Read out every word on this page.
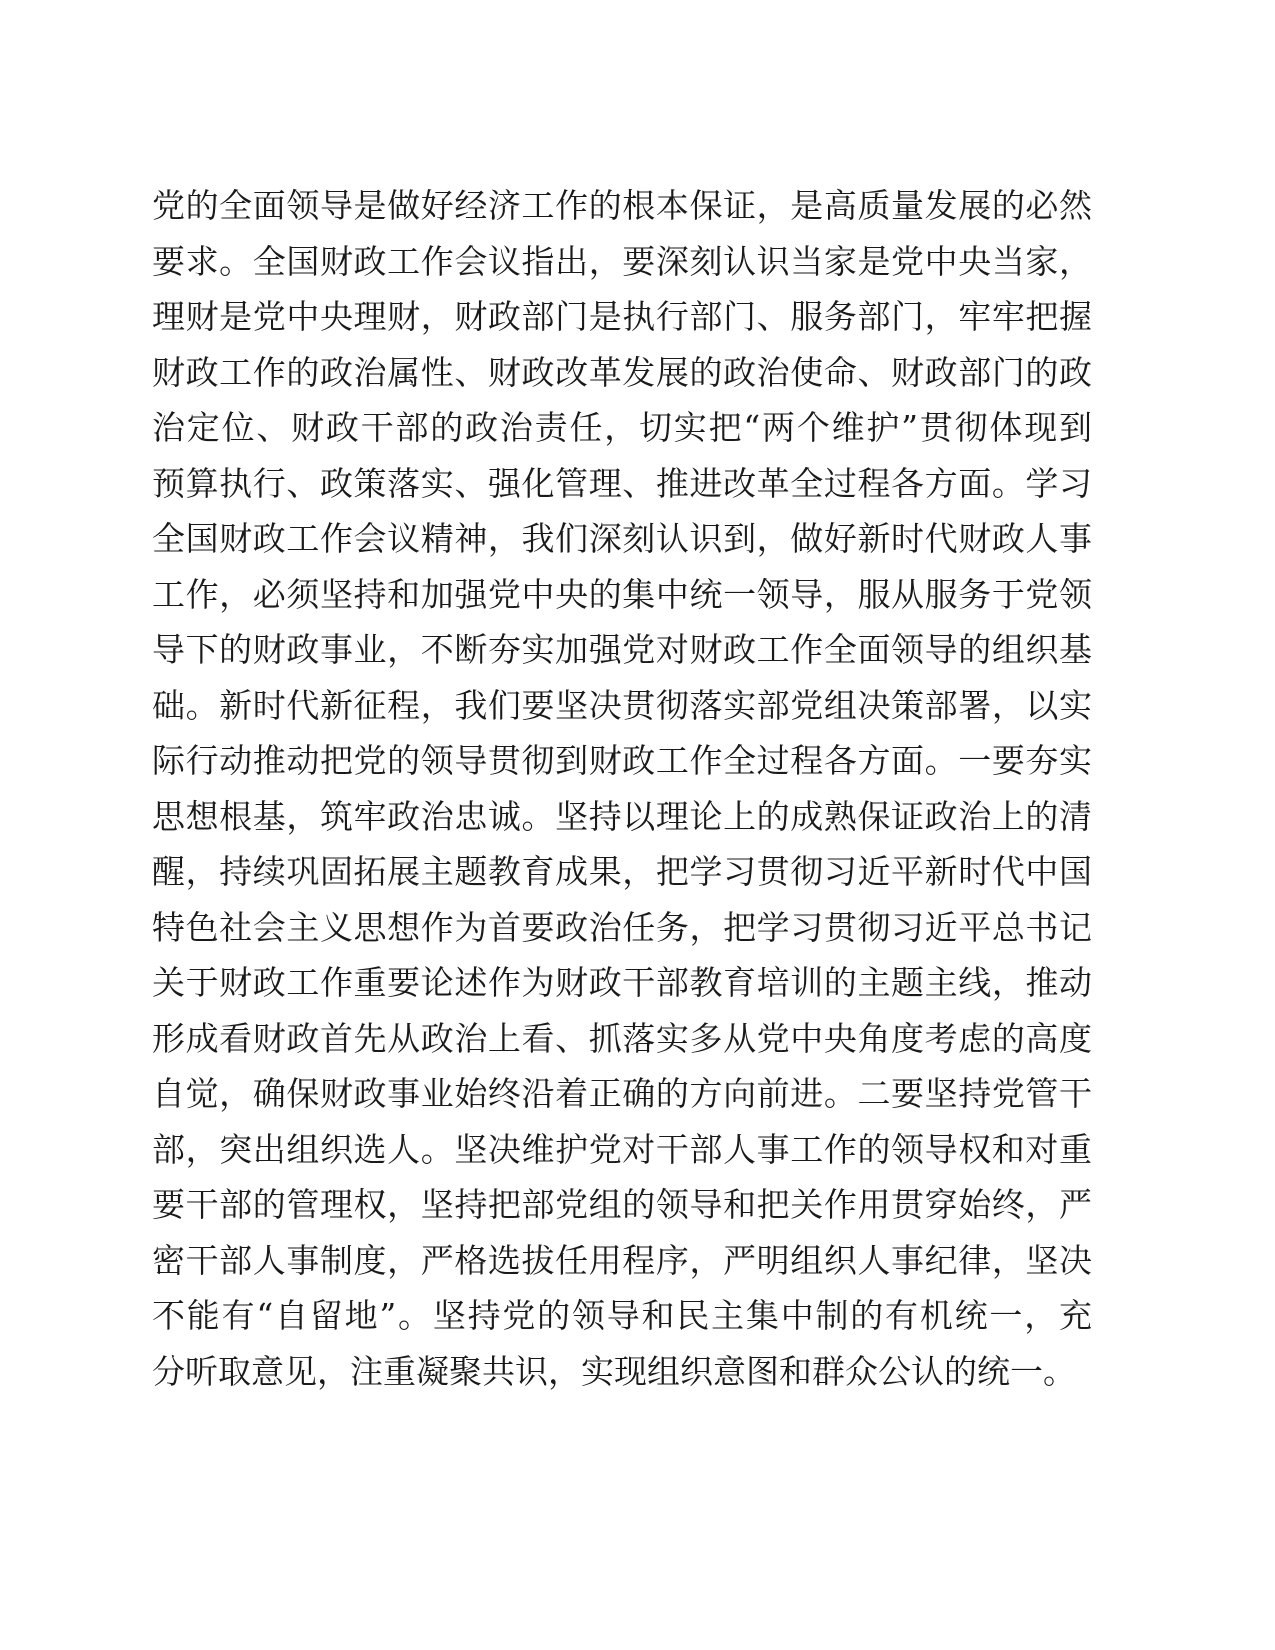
党的全面领导是做好经济工作的根本保证，是高质量发展的必然
要求。全国财政工作会议指出，要深刻认识当家是党中央当家，
理财是党中央理财，财政部门是执行部门、服务部门，牢牢把握
财政工作的政治属性、财政改革发展的政治使命、财政部门的政
治定位、财政干部的政治责任，切实把“两个维护”贯彻体现到
预算执行、政策落实、强化管理、推进改革全过程各方面。学习
全国财政工作会议精神，我们深刻认识到，做好新时代财政人事
工作，必须坚持和加强党中央的集中统一领导，服从服务于党领
导下的财政事业，不断夯实加强党对财政工作全面领导的组织基
础。新时代新征程，我们要坚决贯彻落实部党组决策部署，以实
际行动推动把党的领导贯彻到财政工作全过程各方面。一要夯实
思想根基，筑牢政治忠诚。坚持以理论上的成熟保证政治上的清
醒，持续巩固拓展主题教育成果，把学习贯彻习近平新时代中国
特色社会主义思想作为首要政治任务，把学习贯彻习近平总书记
关于财政工作重要论述作为财政干部教育培训的主题主线，推动
形成看财政首先从政治上看、抓落实多从党中央角度考虑的高度
自觉，确保财政事业始终沿着正确的方向前进。二要坚持党管干
部，突出组织选人。坚决维护党对干部人事工作的领导权和对重
要干部的管理权，坚持把部党组的领导和把关作用贯穿始终，严
密干部人事制度，严格选拔任用程序，严明组织人事纪律，坚决
不能有“自留地”。坚持党的领导和民主集中制的有机统一，充
分听取意见，注重凝聚共识，实现组织意图和群众公认的统一。
